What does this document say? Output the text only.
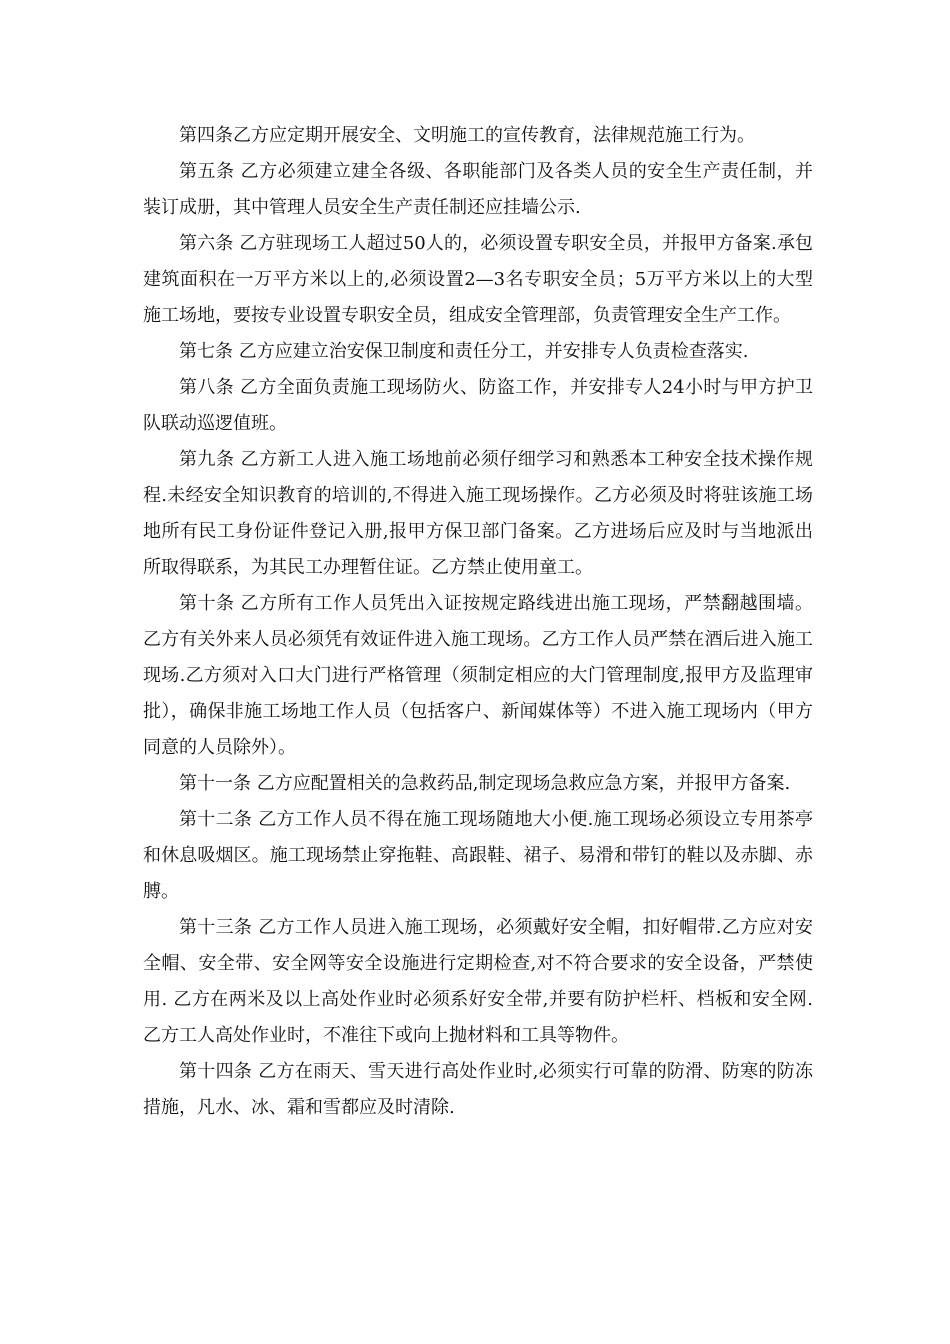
第四条乙方应定期开展安全、文明施工的宣传教育，法律规范施工行为。

第五条 乙方必须建立建全各级、各职能部门及各类人员的安全生产责任制，并装订成册，其中管理人员安全生产责任制还应挂墙公示.

第六条 乙方驻现场工人超过50人的，必须设置专职安全员，并报甲方备案.承包建筑面积在一万平方米以上的,必须设置2—3名专职安全员；5万平方米以上的大型施工场地，要按专业设置专职安全员，组成安全管理部，负责管理安全生产工作。

第七条 乙方应建立治安保卫制度和责任分工，并安排专人负责检查落实.

第八条 乙方全面负责施工现场防火、防盗工作，并安排专人24小时与甲方护卫队联动巡逻值班。

第九条 乙方新工人进入施工场地前必须仔细学习和熟悉本工种安全技术操作规程.未经安全知识教育的培训的,不得进入施工现场操作。乙方必须及时将驻该施工场地所有民工身份证件登记入册,报甲方保卫部门备案。乙方进场后应及时与当地派出所取得联系，为其民工办理暂住证。乙方禁止使用童工。

第十条 乙方所有工作人员凭出入证按规定路线进出施工现场，严禁翻越围墙。乙方有关外来人员必须凭有效证件进入施工现场。乙方工作人员严禁在酒后进入施工现场.乙方须对入口大门进行严格管理（须制定相应的大门管理制度,报甲方及监理审批），确保非施工场地工作人员（包括客户、新闻媒体等）不进入施工现场内（甲方同意的人员除外）。

第十一条 乙方应配置相关的急救药品,制定现场急救应急方案，并报甲方备案.

第十二条 乙方工作人员不得在施工现场随地大小便.施工现场必须设立专用茶亭和休息吸烟区。施工现场禁止穿拖鞋、高跟鞋、裙子、易滑和带钉的鞋以及赤脚、赤膊。

第十三条 乙方工作人员进入施工现场，必须戴好安全帽，扣好帽带.乙方应对安全帽、安全带、安全网等安全设施进行定期检查,对不符合要求的安全设备，严禁使用. 乙方在两米及以上高处作业时必须系好安全带,并要有防护栏杆、档板和安全网.乙方工人高处作业时，不准往下或向上抛材料和工具等物件。

第十四条 乙方在雨天、雪天进行高处作业时,必须实行可靠的防滑、防寒的防冻措施，凡水、冰、霜和雪都应及时清除.
